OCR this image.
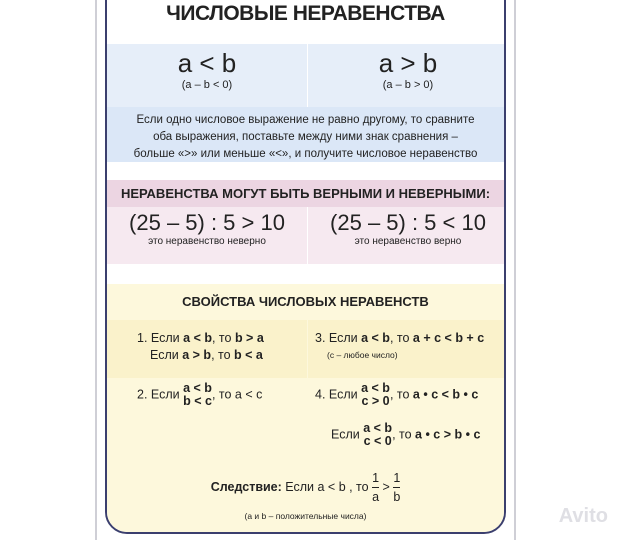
ЧИСЛОВЫЕ НЕРАВЕНСТВА
a < b
(a – b < 0)
a > b
(a – b > 0)
Если одно числовое выражение не равно другому, то сравните
оба выражения, поставьте между ними знак сравнения –
больше «>» или меньше «<», и получите числовое неравенство
НЕРАВЕНСТВА МОГУТ БЫТЬ ВЕРНЫМИ И НЕВЕРНЫМИ:
(25 – 5) : 5 > 10
это неравенство неверно
(25 – 5) : 5 < 10
это неравенство верно
СВОЙСТВА ЧИСЛОВЫХ НЕРАВЕНСТВ
1. Если a < b, то b > a
Если a > b, то b < a
3. Если a < b, то a + c < b + c
(с – любое число)
2. Если a < b
b < c , то a < c	4. Если a < b
c > 0 , то a • c < b • c
Если a < b
c < 0 , то a • c > b • c
Следствие: Если a < b , то $\frac{1}{a} > \frac{1}{b}$
(a и b – положительные числа)	Avito
